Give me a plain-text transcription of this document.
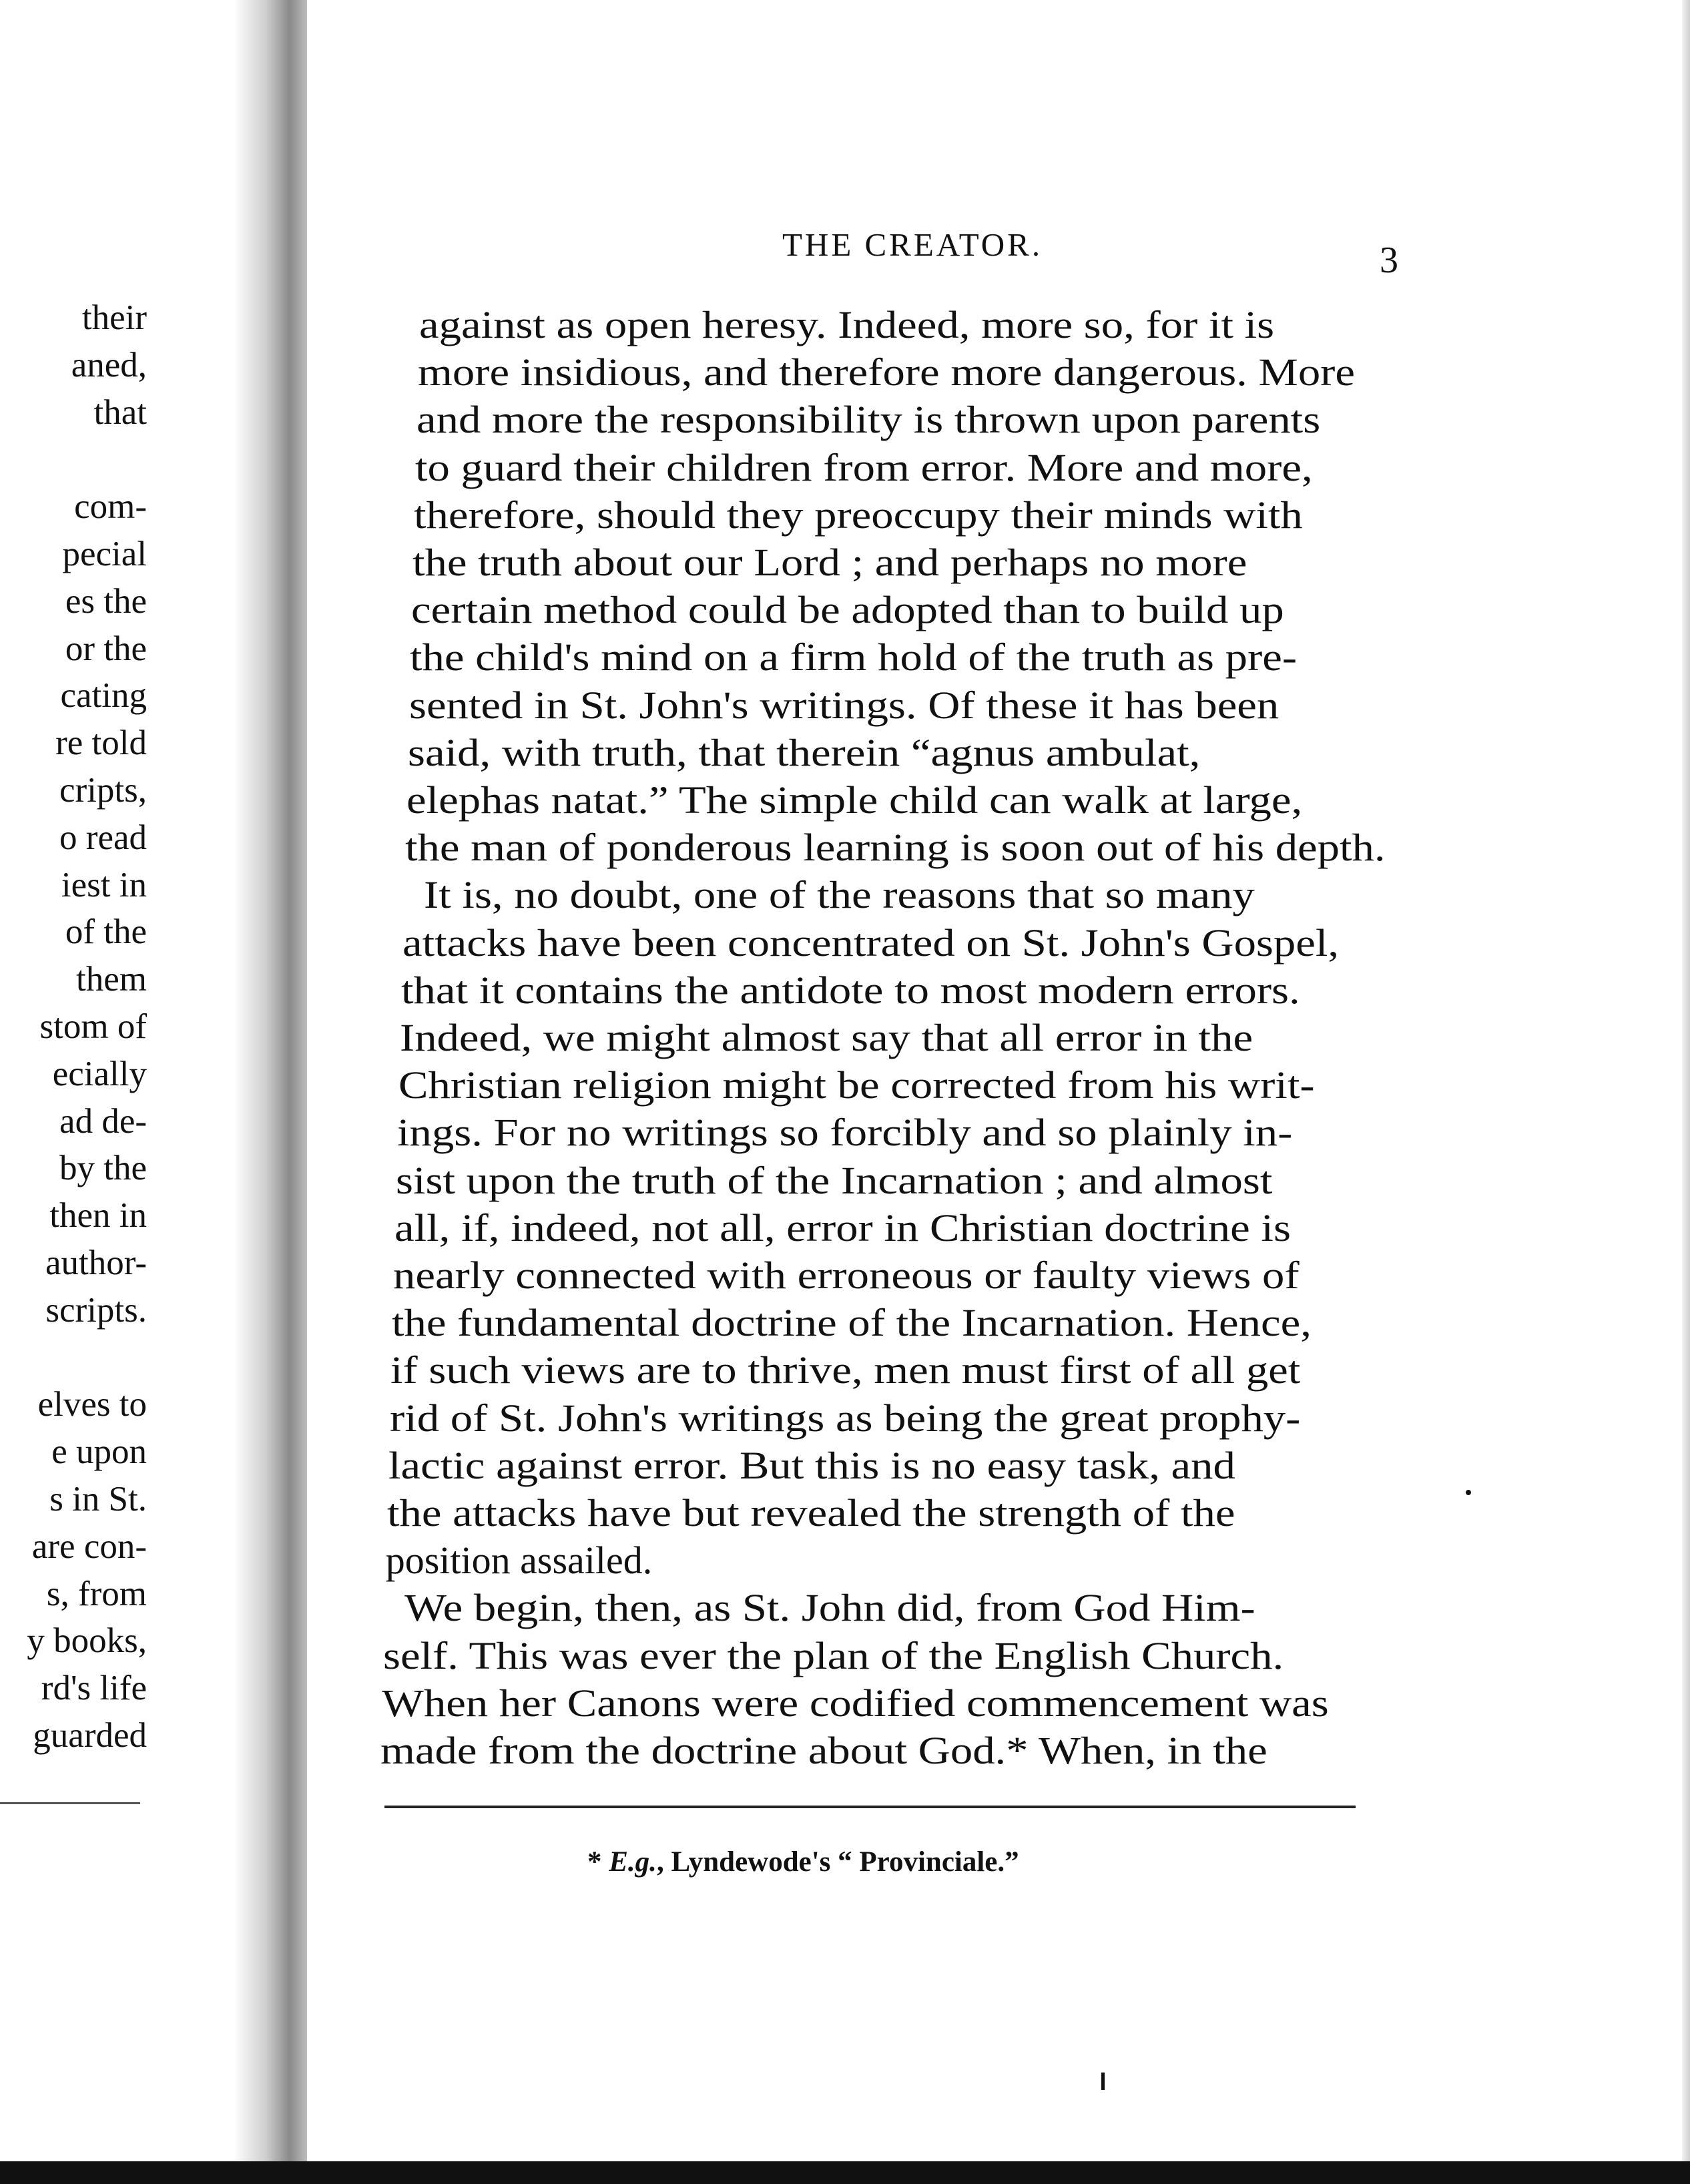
their
aned,
that
com-
pecial
es the
or the
cating
re told
cripts,
o read
iest in
of the
them
stom of
ecially
ad de-
by the
then in
author-
scripts.
elves to
e upon
s in St.
are con-
s, from
y books,
rd's life
guarded
THE CREATOR.	3
against as open heresy. Indeed, more so, for it is
more insidious, and therefore more dangerous. More
and more the responsibility is thrown upon parents
to guard their children from error. More and more,
therefore, should they preoccupy their minds with
the truth about our Lord ; and perhaps no more
certain method could be adopted than to build up
the child's mind on a firm hold of the truth as pre-
sented in St. John's writings. Of these it has been
said, with truth, that therein “agnus ambulat,
elephas natat.” The simple child can walk at large,
the man of ponderous learning is soon out of his depth.
It is, no doubt, one of the reasons that so many
attacks have been concentrated on St. John's Gospel,
that it contains the antidote to most modern errors.
Indeed, we might almost say that all error in the
Christian religion might be corrected from his writ-
ings. For no writings so forcibly and so plainly in-
sist upon the truth of the Incarnation ; and almost
all, if, indeed, not all, error in Christian doctrine is
nearly connected with erroneous or faulty views of
the fundamental doctrine of the Incarnation. Hence,
if such views are to thrive, men must first of all get
rid of St. John's writings as being the great prophy-
lactic against error. But this is no easy task, and
the attacks have but revealed the strength of the
position assailed.
We begin, then, as St. John did, from God Him-
self. This was ever the plan of the English Church.
When her Canons were codified commencement was
made from the doctrine about God.* When, in the
* E.g., Lyndewode's “ Provinciale.”
